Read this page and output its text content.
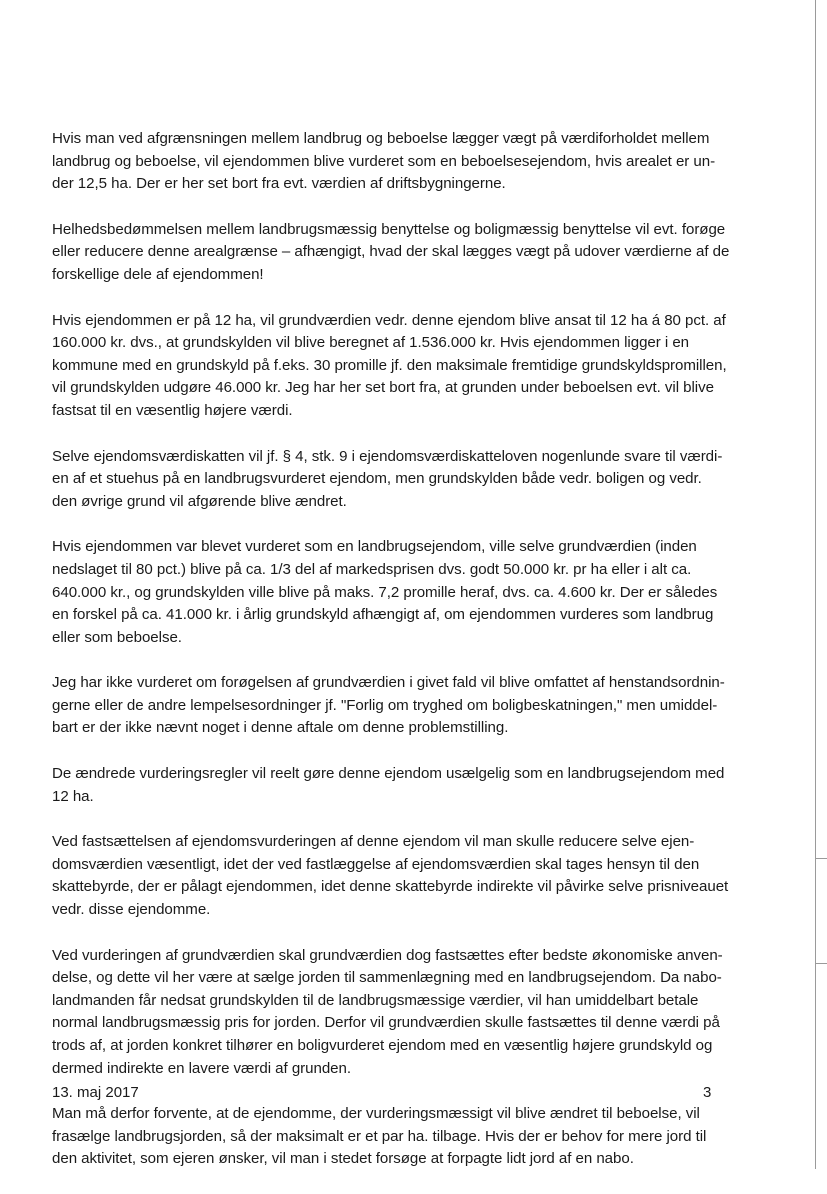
Hvis man ved afgrænsningen mellem landbrug og beboelse lægger vægt på værdiforholdet mellem
landbrug og beboelse, vil ejendommen blive vurderet som en beboelsesejendom, hvis arealet er un-
der 12,5 ha. Der er her set bort fra evt. værdien af driftsbygningerne.

Helhedsbedømmelsen mellem landbrugsmæssig benyttelse og boligmæssig benyttelse vil evt. forøge
eller reducere denne arealgrænse – afhængigt, hvad der skal lægges vægt på udover værdierne af de
forskellige dele af ejendommen!

Hvis ejendommen er på 12 ha, vil grundværdien vedr. denne ejendom blive ansat til 12 ha á 80 pct. af
160.000 kr. dvs., at grundskylden vil blive beregnet af 1.536.000 kr. Hvis ejendommen ligger i en
kommune med en grundskyld på f.eks. 30 promille jf. den maksimale fremtidige grundskyldspromillen,
vil grundskylden udgøre 46.000 kr. Jeg har her set bort fra, at grunden under beboelsen evt. vil blive
fastsat til en væsentlig højere værdi.

Selve ejendomsværdiskatten vil jf. § 4, stk. 9 i ejendomsværdiskatteloven nogenlunde svare til værdi-
en af et stuehus på en landbrugsvurderet ejendom, men grundskylden både vedr. boligen og vedr.
den øvrige grund vil afgørende blive ændret.

Hvis ejendommen var blevet vurderet som en landbrugsejendom, ville selve grundværdien (inden
nedslaget til 80 pct.) blive på ca. 1/3 del af markedsprisen dvs. godt 50.000 kr. pr ha eller i alt ca.
640.000 kr., og grundskylden ville blive på maks. 7,2 promille heraf, dvs. ca. 4.600 kr. Der er således
en forskel på ca. 41.000 kr. i årlig grundskyld afhængigt af, om ejendommen vurderes som landbrug
eller som beboelse.

Jeg har ikke vurderet om forøgelsen af grundværdien i givet fald vil blive omfattet af henstandsordnin-
gerne eller de andre lempelsesordninger jf. "Forlig om tryghed om boligbeskatningen," men umiddel-
bart er der ikke nævnt noget i denne aftale om denne problemstilling.

De ændrede vurderingsregler vil reelt gøre denne ejendom usælgelig som en landbrugsejendom med
12 ha.

Ved fastsættelsen af ejendomsvurderingen af denne ejendom vil man skulle reducere selve ejen-
domsværdien væsentligt, idet der ved fastlæggelse af ejendomsværdien skal tages hensyn til den
skattebyrde, der er pålagt ejendommen, idet denne skattebyrde indirekte vil påvirke selve prisniveauet
vedr. disse ejendomme.

Ved vurderingen af grundværdien skal grundværdien dog fastsættes efter bedste økonomiske anven-
delse, og dette vil her være at sælge jorden til sammenlægning med en landbrugsejendom. Da nabo-
landmanden får nedsat grundskylden til de landbrugsmæssige værdier, vil han umiddelbart betale
normal landbrugsmæssig pris for jorden. Derfor vil grundværdien skulle fastsættes til denne værdi på
trods af, at jorden konkret tilhører en boligvurderet ejendom med en væsentlig højere grundskyld og
dermed indirekte en lavere værdi af grunden.

Man må derfor forvente, at de ejendomme, der vurderingsmæssigt vil blive ændret til beboelse, vil
frasælge landbrugsjorden, så der maksimalt er et par ha. tilbage. Hvis der er behov for mere jord til
den aktivitet, som ejeren ønsker, vil man i stedet forsøge at forpagte lidt jord af en nabo.

13. maj 2017	3
